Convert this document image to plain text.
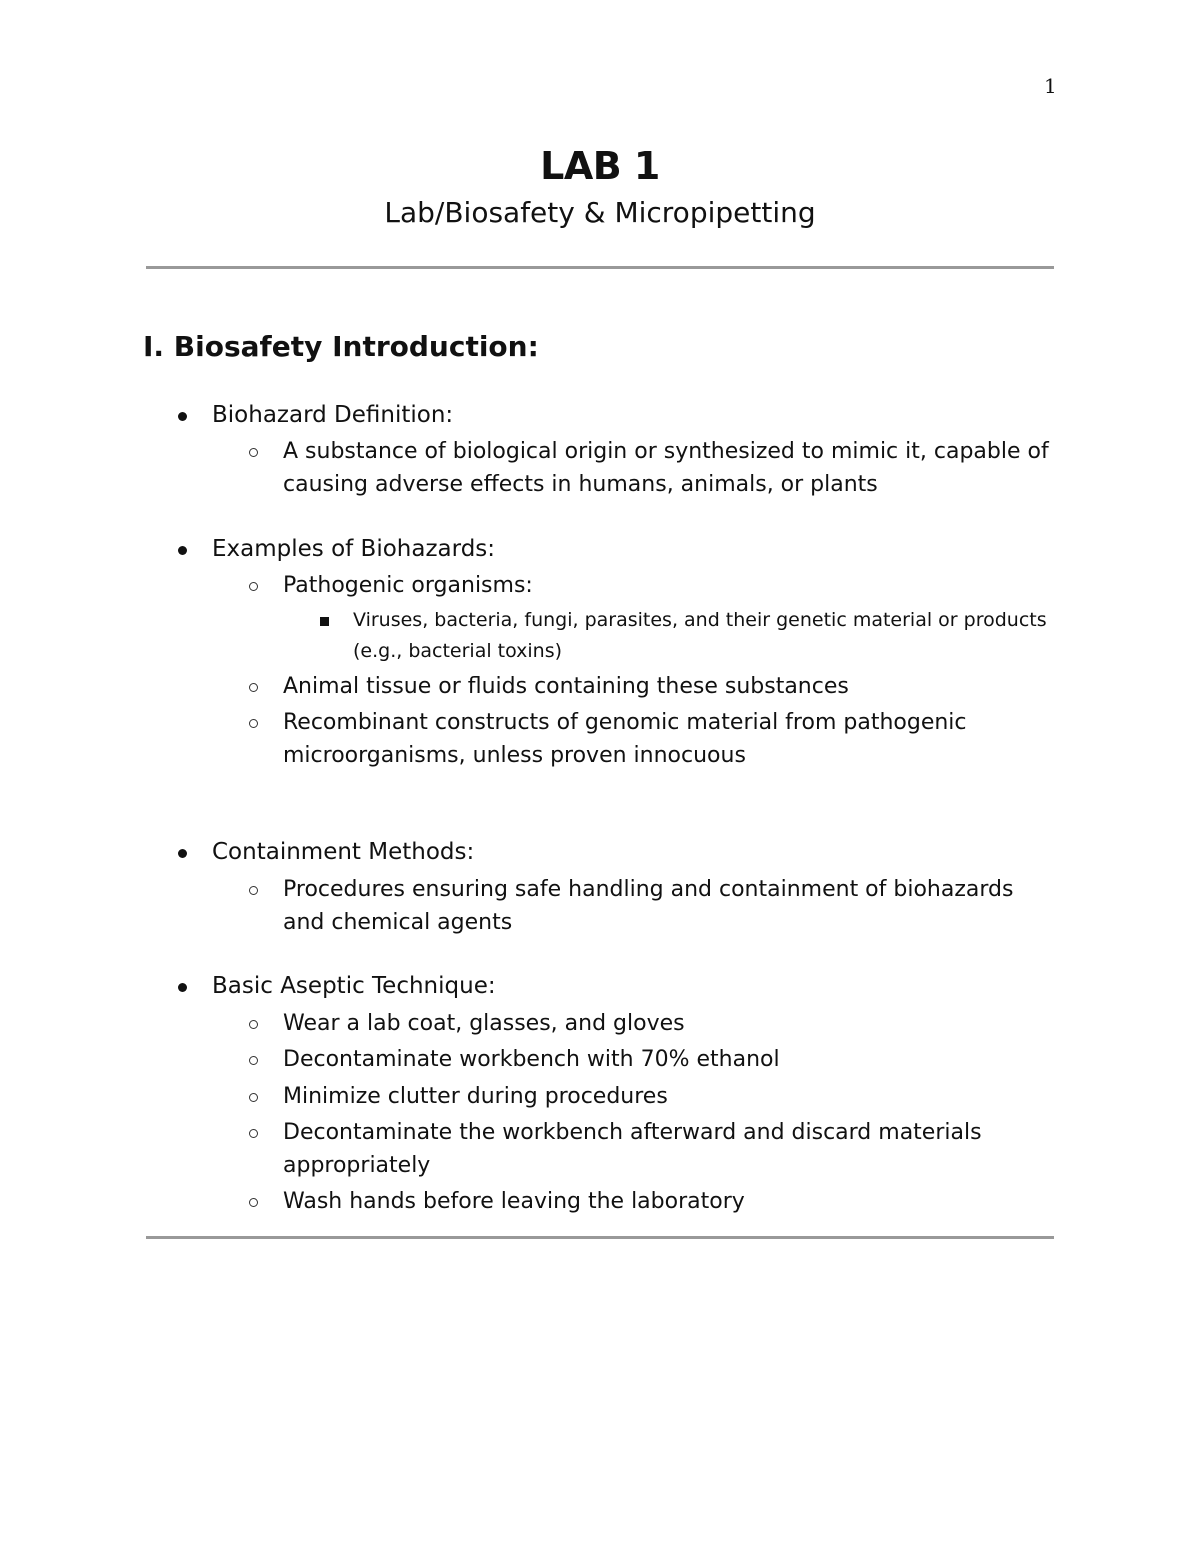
1
LAB 1
Lab/Biosafety & Micropipetting
I. Biosafety Introduction:
Biohazard Definition:
A substance of biological origin or synthesized to mimic it, capable of causing adverse effects in humans, animals, or plants
Examples of Biohazards:
Pathogenic organisms:
Viruses, bacteria, fungi, parasites, and their genetic material or products (e.g., bacterial toxins)
Animal tissue or fluids containing these substances
Recombinant constructs of genomic material from pathogenic microorganisms, unless proven innocuous
Containment Methods:
Procedures ensuring safe handling and containment of biohazards and chemical agents
Basic Aseptic Technique:
Wear a lab coat, glasses, and gloves
Decontaminate workbench with 70% ethanol
Minimize clutter during procedures
Decontaminate the workbench afterward and discard materials appropriately
Wash hands before leaving the laboratory
